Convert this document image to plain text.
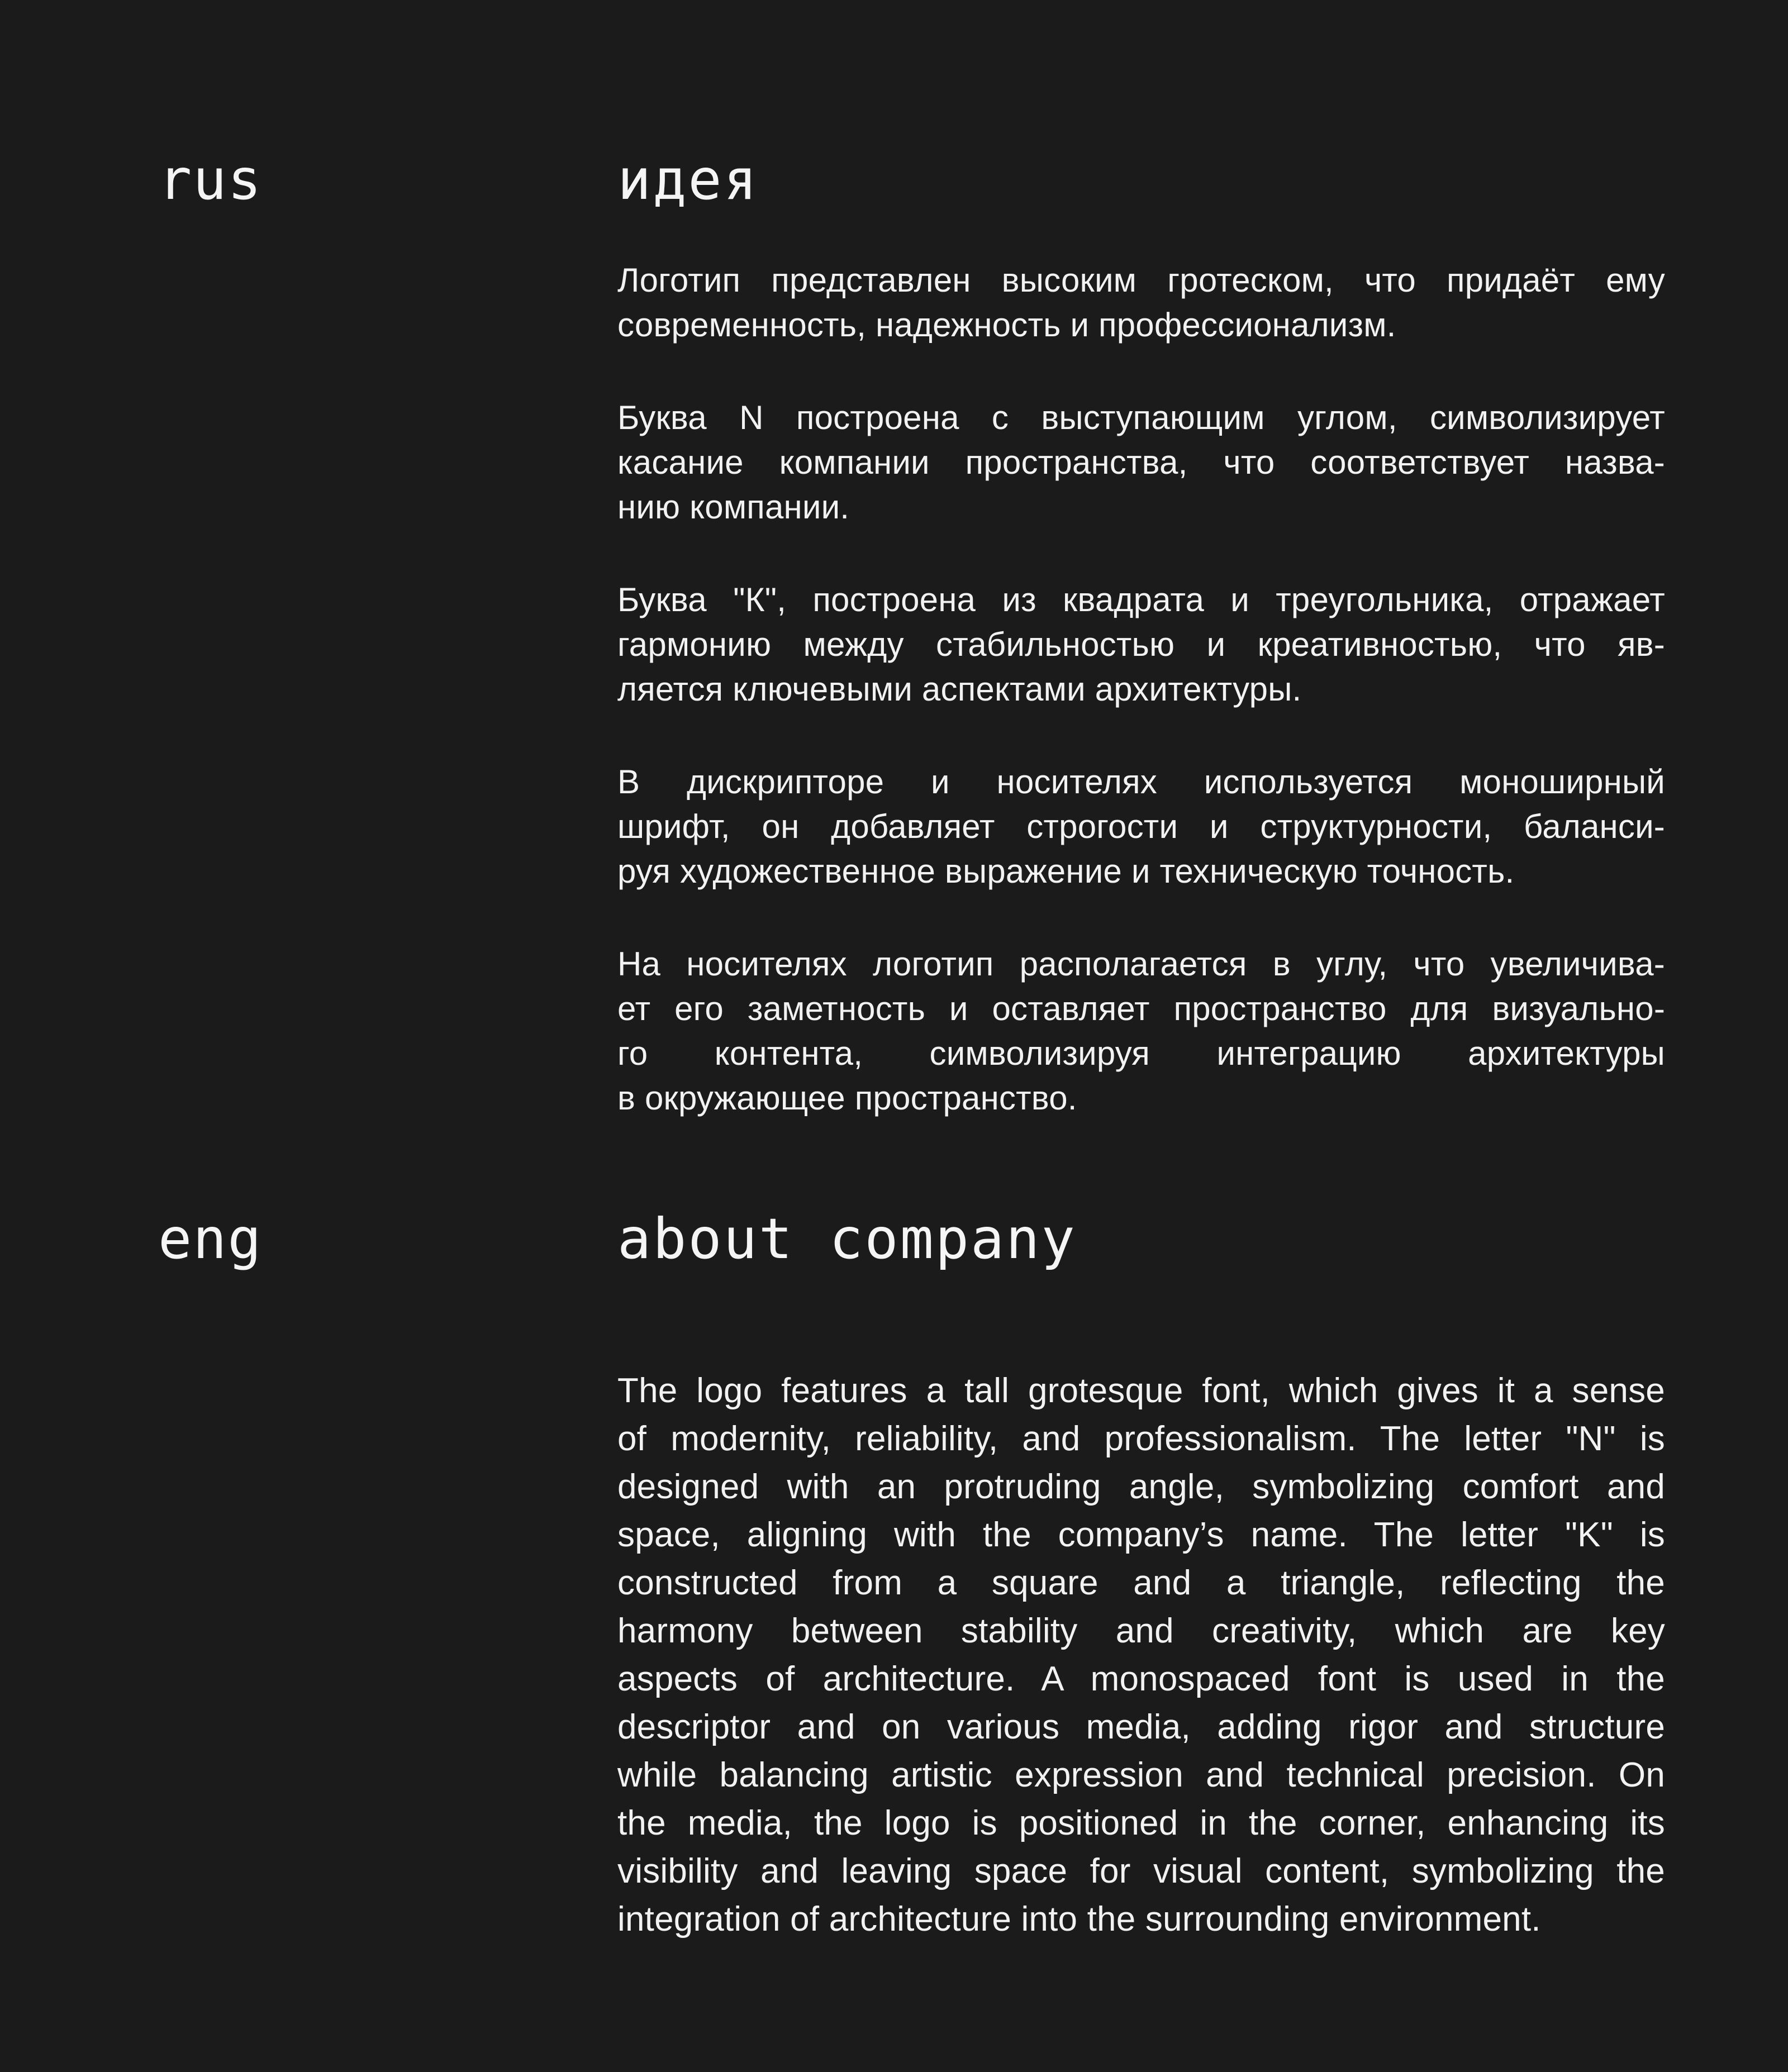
rus	идея
Логотип представлен высоким гротеском, что придаёт ему
современность, надежность и профессионализм.
Буква N построена с выступающим углом, символизирует
касание компании пространства, что соответствует назва-
нию компании.
Буква "К", построена из квадрата и треугольника, отражает
гармонию между стабильностью и креативностью, что яв-
ляется ключевыми аспектами архитектуры.
В дискрипторе и носителях используется моноширный
шрифт, он добавляет строгости и структурности, баланси-
руя художественное выражение и техническую точность.
На носителях логотип располагается в углу, что увеличива-
ет его заметность и оставляет пространство для визуально-
го контента, символизируя интеграцию архитектуры
в окружающее пространство.
eng	about company
The logo features a tall grotesque font, which gives it a sense
of modernity, reliability, and professionalism. The letter "N" is
designed with an protruding angle, symbolizing comfort and
space, aligning with the company’s name. The letter "K" is
constructed from a square and a triangle, reflecting the
harmony between stability and creativity, which are key
aspects of architecture. A monospaced font is used in the
descriptor and on various media, adding rigor and structure
while balancing artistic expression and technical precision. On
the media, the logo is positioned in the corner, enhancing its
visibility and leaving space for visual content, symbolizing the
integration of architecture into the surrounding environment.
